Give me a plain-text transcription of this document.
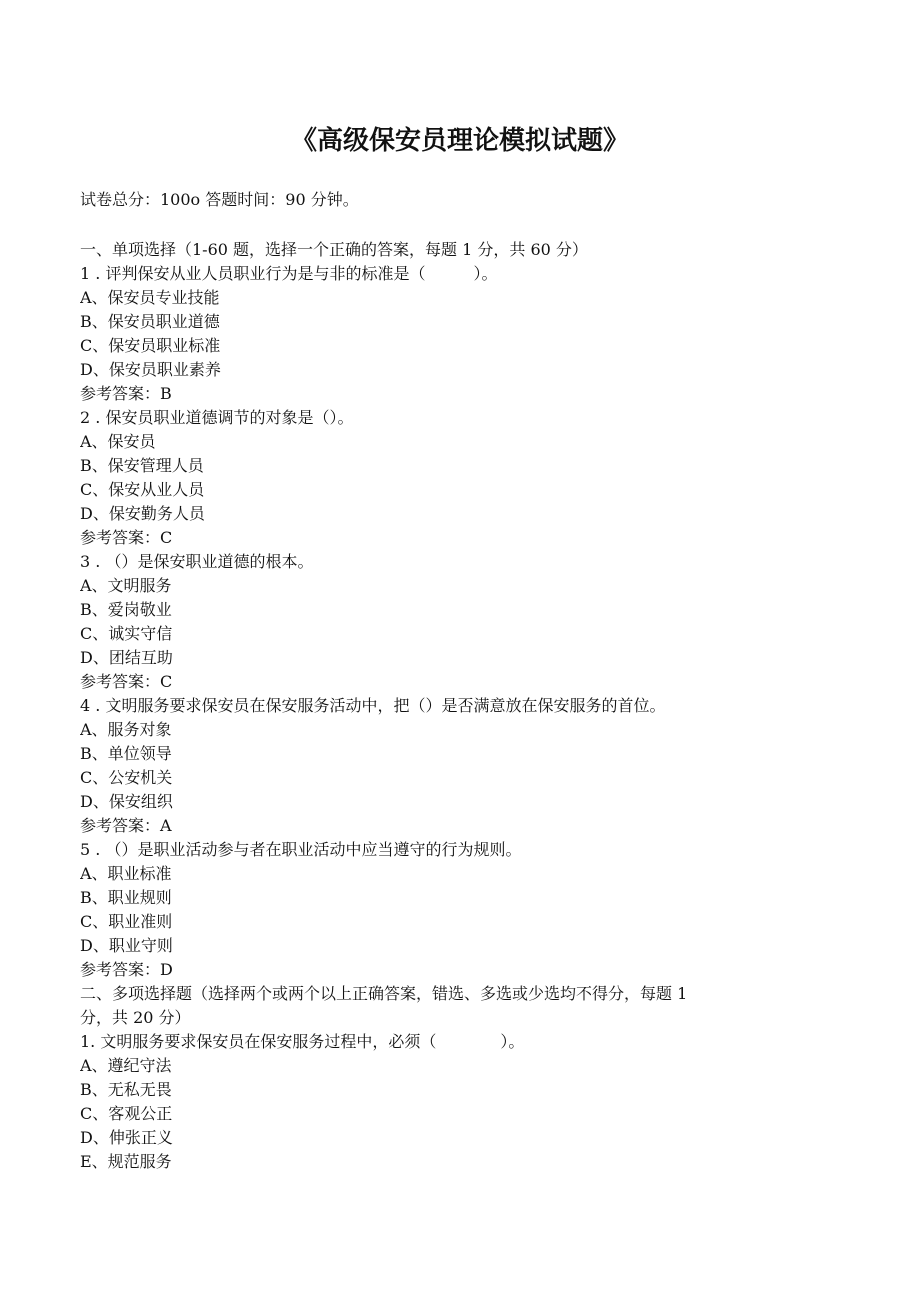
《高级保安员理论模拟试题》
试卷总分：100o 答题时间：90 分钟。
一、单项选择（1-60 题，选择一个正确的答案，每题 1 分，共 60 分）
1 . 评判保安从业人员职业行为是与非的标准是（　　　）。
A、保安员专业技能
B、保安员职业道德
C、保安员职业标准
D、保安员职业素养
参考答案：B
2 . 保安员职业道德调节的对象是（）。
A、保安员
B、保安管理人员
C、保安从业人员
D、保安勤务人员
参考答案：C
3 . （）是保安职业道德的根本。
A、文明服务
B、爱岗敬业
C、诚实守信
D、团结互助
参考答案：C
4 . 文明服务要求保安员在保安服务活动中，把（）是否满意放在保安服务的首位。
A、服务对象
B、单位领导
C、公安机关
D、保安组织
参考答案：A
5 . （）是职业活动参与者在职业活动中应当遵守的行为规则。
A、职业标准
B、职业规则
C、职业准则
D、职业守则
参考答案：D
二、多项选择题（选择两个或两个以上正确答案，错选、多选或少选均不得分，每题 1
分，共 20 分）
1. 文明服务要求保安员在保安服务过程中，必须（　　　　）。
A、遵纪守法
B、无私无畏
C、客观公正
D、伸张正义
E、规范服务
